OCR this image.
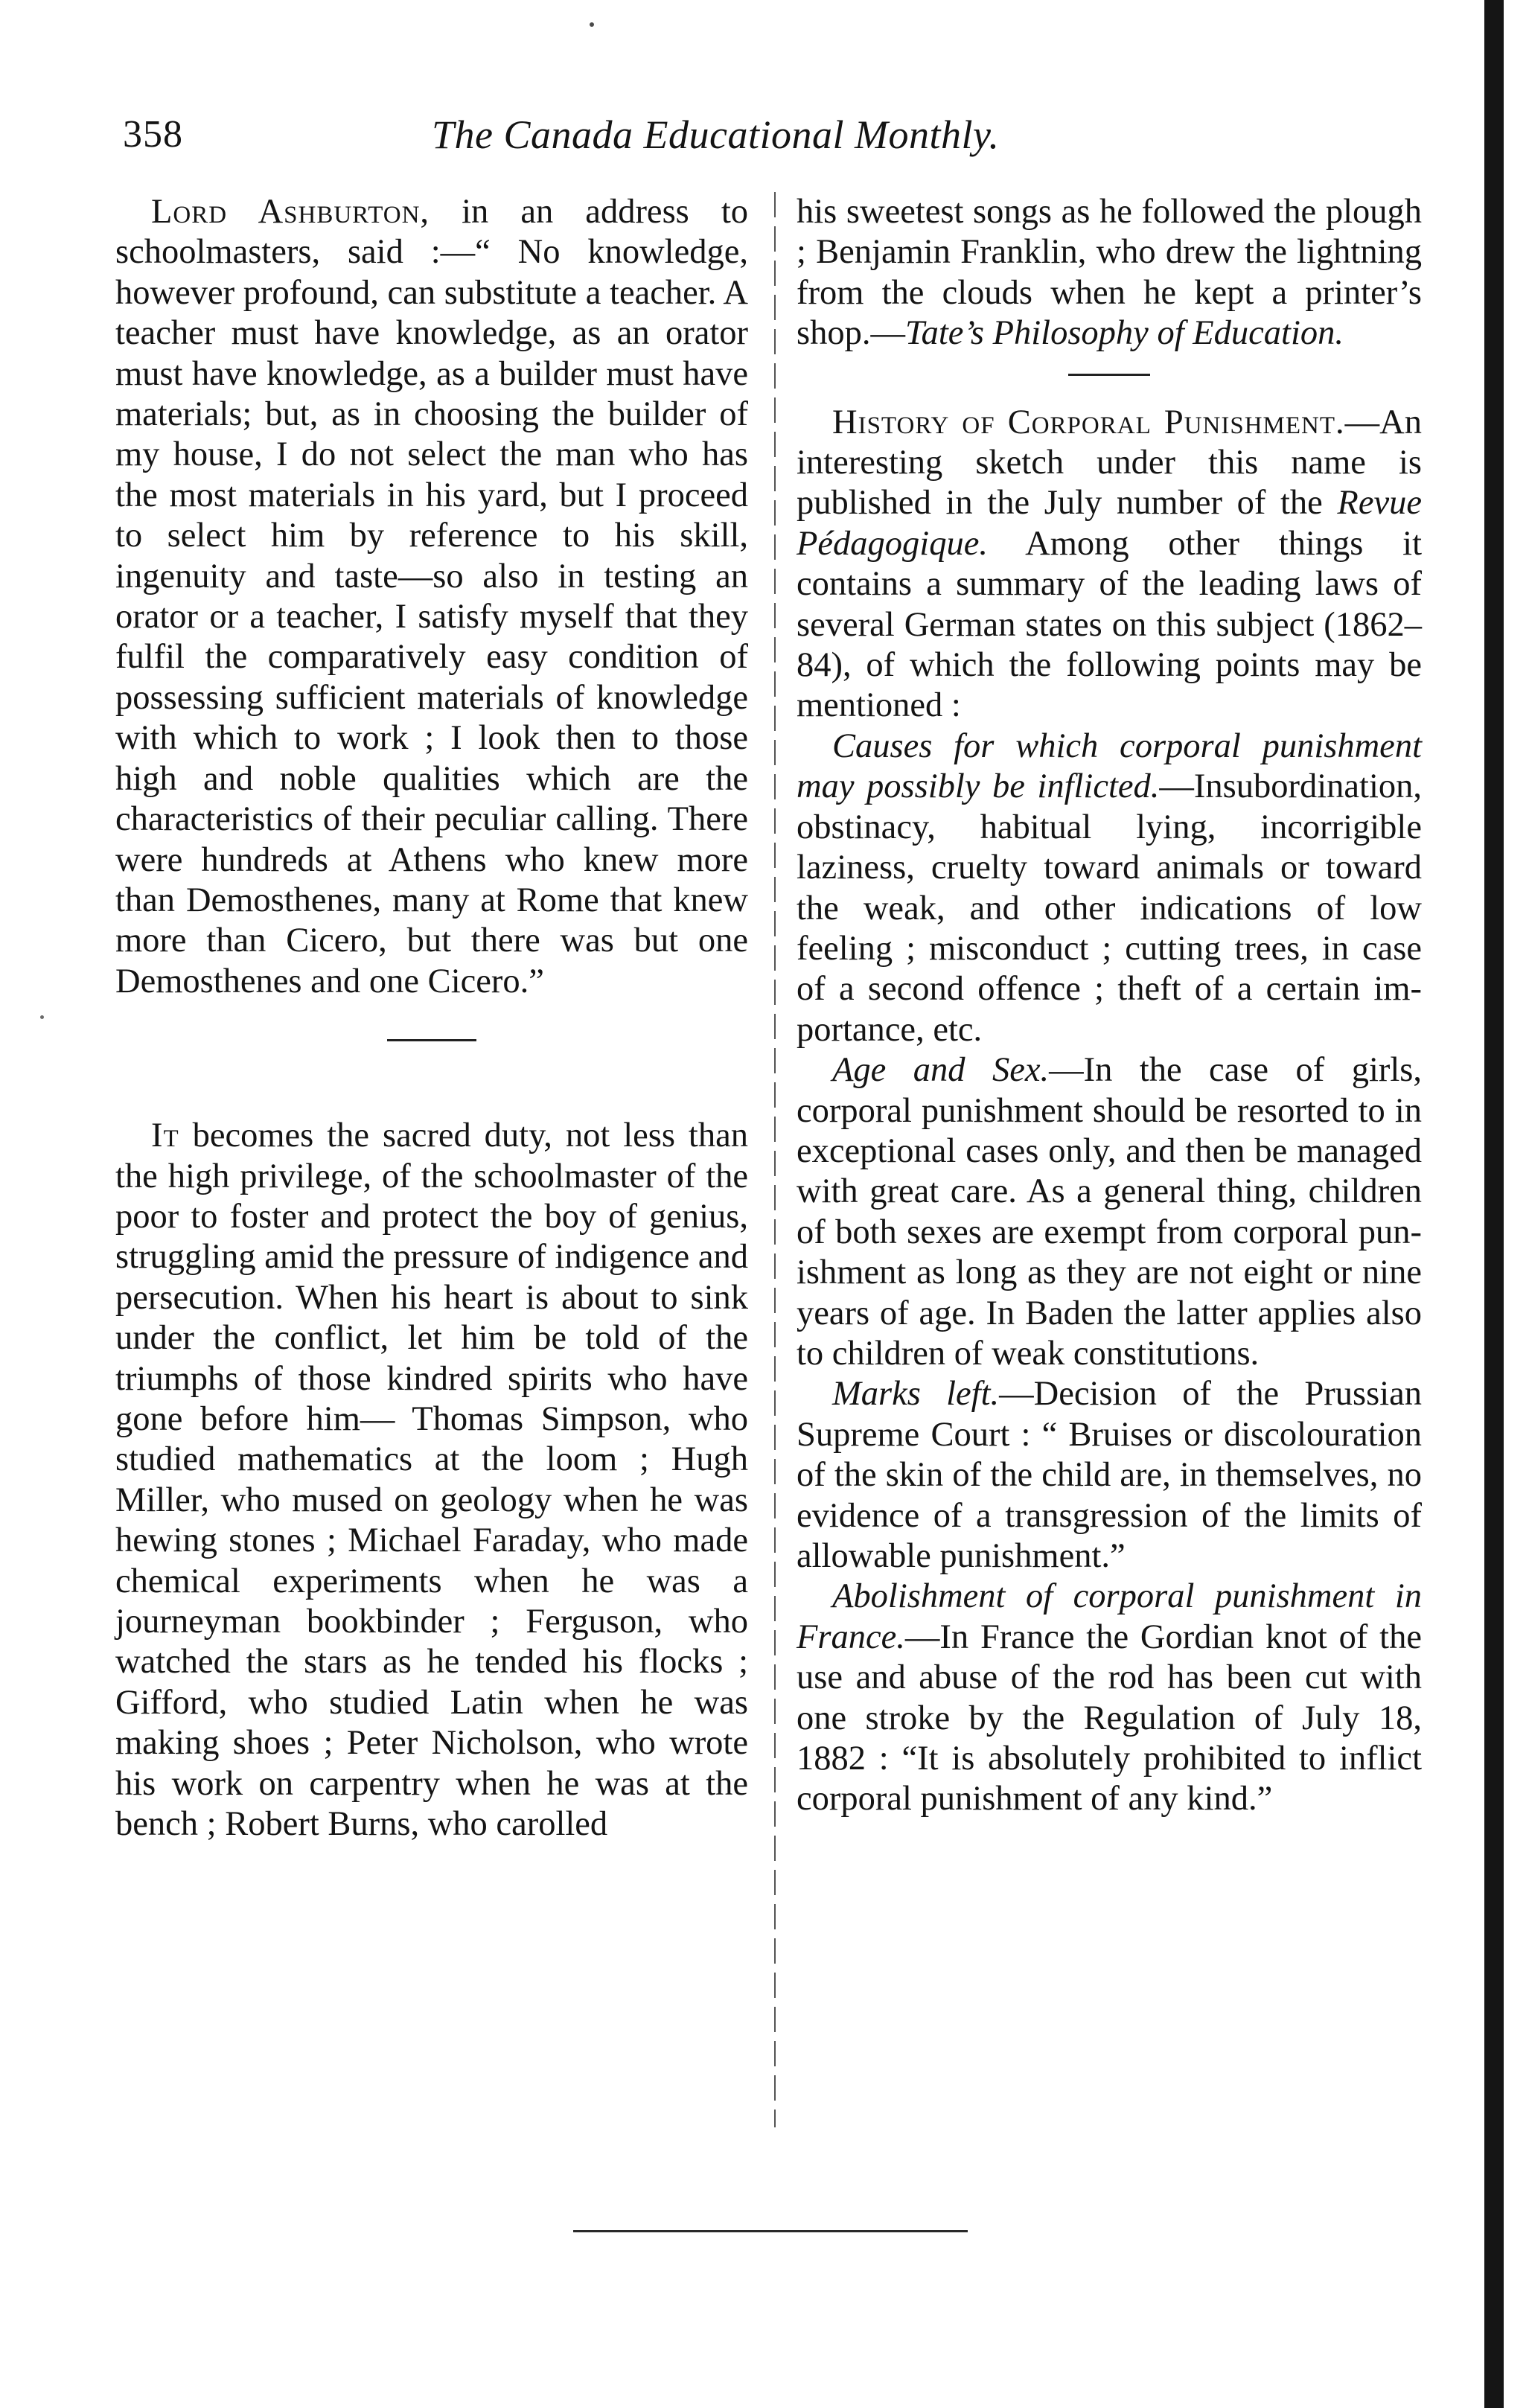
358	The Canada Educational Monthly.

Lord Ashburton, in an address to schoolmasters, said :—“ No knowledge, however profound, can substitute a teacher. A teacher must have knowledge, as an orator must have knowledge, as a builder must have materials; but, as in choosing the builder of my house, I do not select the man who has the most materials in his yard, but I proceed to select him by reference to his skill, ingenuity and taste—so also in testing an orator or a teacher, I satisfy myself that they fulfil the comparatively easy condition of possessing sufficient materials of knowledge with which to work ; I look then to those high and noble qualities which are the characteristics of their peculiar calling. There were hundreds at Athens who knew more than Demosthenes, many at Rome that knew more than Cicero, but there was but one Demosthenes and one Cicero.”

It becomes the sacred duty, not less than the high privilege, of the schoolmaster of the poor to foster and protect the boy of genius, struggling amid the pressure of indigence and persecution. When his heart is about to sink under the conflict, let him be told of the triumphs of those kindred spirits who have gone before him— Thomas Simpson, who studied mathematics at the loom ; Hugh Miller, who mused on geology when he was hewing stones ; Michael Faraday, who made chemical experiments when he was a journeyman bookbinder ; Ferguson, who watched the stars as he tended his flocks ; Gifford, who studied Latin when he was making shoes ; Peter Nicholson, who wrote his work on carpentry when he was at the bench ; Robert Burns, who carolled

his sweetest songs as he followed the plough ; Benjamin Franklin, who drew the lightning from the clouds when he kept a printer’s shop.—Tate’s Philosophy of Education.

History of Corporal Punishment.—An interesting sketch under this name is published in the July number of the Revue Pédagogique. Among other things it contains a summary of the leading laws of several German states on this subject (1862–84), of which the following points may be mentioned :

Causes for which corporal punishment may possibly be inflicted.—Insubordination, obstinacy, habitual lying, incorrigible laziness, cruelty toward animals or toward the weak, and other indications of low feeling ; misconduct ; cutting trees, in case of a second offence ; theft of a certain importance, etc.

Age and Sex.—In the case of girls, corporal punishment should be resorted to in exceptional cases only, and then be managed with great care. As a general thing, children of both sexes are exempt from corporal punishment as long as they are not eight or nine years of age. In Baden the latter applies also to children of weak constitutions.

Marks left.—Decision of the Prussian Supreme Court : “ Bruises or discolouration of the skin of the child are, in themselves, no evidence of a transgression of the limits of allowable punishment.”

Abolishment of corporal punishment in France.—In France the Gordian knot of the use and abuse of the rod has been cut with one stroke by the Regulation of July 18, 1882 : “It is absolutely prohibited to inflict corporal punishment of any kind.”
